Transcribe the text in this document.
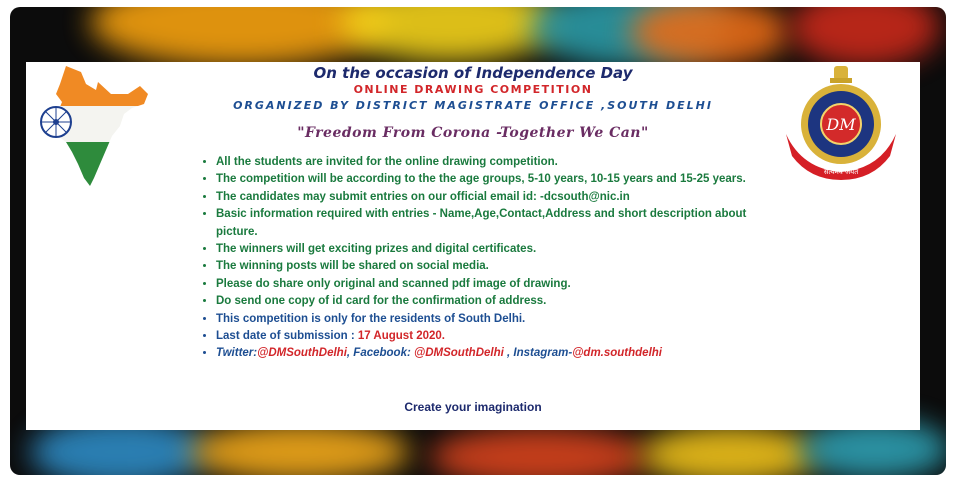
DM
सत्यमेव जयते
On the occasion of Independence Day
ONLINE DRAWING COMPETITION
ORGANIZED BY DISTRICT MAGISTRATE OFFICE ,SOUTH DELHI
"Freedom From Corona -Together We Can"
• All the students are invited for the online drawing competition.
• The competition will be according to the the age groups, 5-10 years, 10-15 years and 15-25 years.
• The candidates may submit entries on our official email id: -dcsouth@nic.in
• Basic information required with entries - Name,Age,Contact,Address and short description about picture.
• The winners will get exciting prizes and digital certificates.
• The winning posts will be shared on social media.
• Please do share only original and scanned pdf image of drawing.
• Do send one copy of id card for the confirmation of address.
• This competition is only for the residents of South Delhi.
• Last date of submission : 17 August 2020.
• Twitter:@DMSouthDelhi, Facebook: @DMSouthDelhi , Instagram-@dm.southdelhi
Create your imagination
